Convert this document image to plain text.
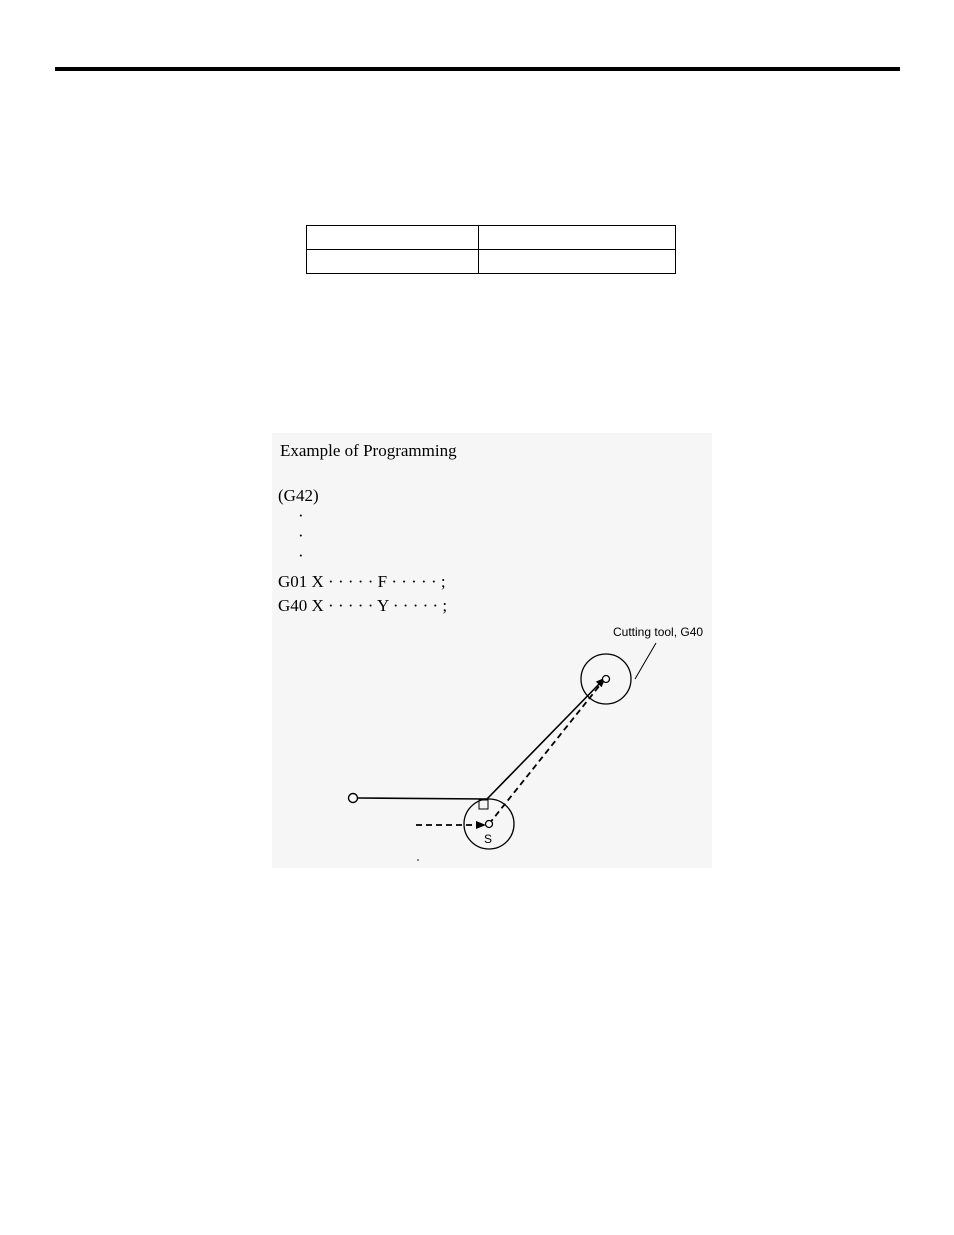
Example of Programming
(G42)
·
·
·
G01 X · · · · · F · · · · · ;
G40 X · · · · · Y · · · · · ;
Cutting tool, G40
S
